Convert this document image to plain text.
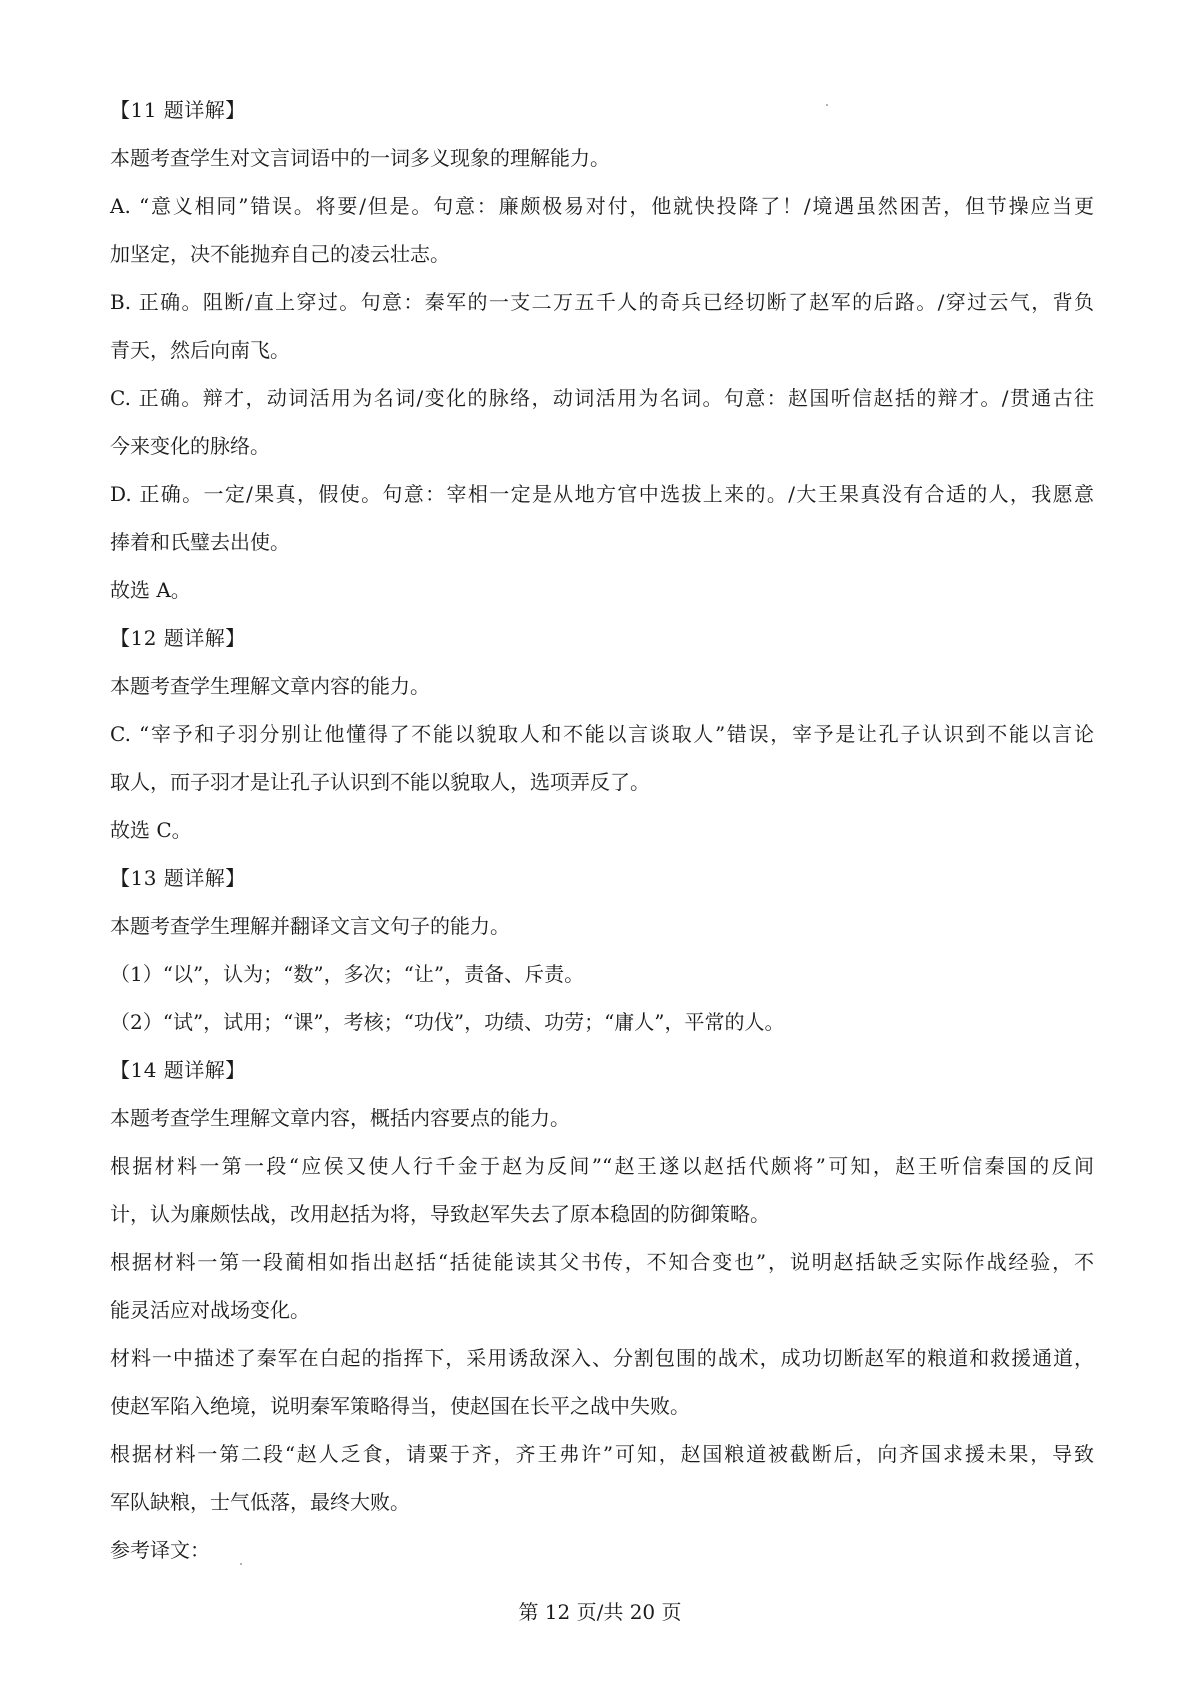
【11 题详解】
本题考查学生对文言词语中的一词多义现象的理解能力。
A. “意义相同”错误。将要/但是。句意：廉颇极易对付，他就快投降了！/境遇虽然困苦，但节操应当更
加坚定，决不能抛弃自己的凌云壮志。
B. 正确。阻断/直上穿过。句意：秦军的一支二万五千人的奇兵已经切断了赵军的后路。/穿过云气，背负
青天，然后向南飞。
C. 正确。辩才，动词活用为名词/变化的脉络，动词活用为名词。句意：赵国听信赵括的辩才。/贯通古往
今来变化的脉络。
D. 正确。一定/果真，假使。句意：宰相一定是从地方官中选拔上来的。/大王果真没有合适的人，我愿意
捧着和氏璧去出使。
故选 A。
【12 题详解】
本题考查学生理解文章内容的能力。
C. “宰予和子羽分别让他懂得了不能以貌取人和不能以言谈取人”错误，宰予是让孔子认识到不能以言论
取人，而子羽才是让孔子认识到不能以貌取人，选项弄反了。
故选 C。
【13 题详解】
本题考查学生理解并翻译文言文句子的能力。
（1）“以”，认为；“数”，多次；“让”，责备、斥责。
（2）“试”，试用；“课”，考核；“功伐”，功绩、功劳；“庸人”，平常的人。
【14 题详解】
本题考查学生理解文章内容，概括内容要点的能力。
根据材料一第一段“应侯又使人行千金于赵为反间”“赵王遂以赵括代颇将”可知，赵王听信秦国的反间
计，认为廉颇怯战，改用赵括为将，导致赵军失去了原本稳固的防御策略。
根据材料一第一段蔺相如指出赵括“括徒能读其父书传，不知合变也”，说明赵括缺乏实际作战经验，不
能灵活应对战场变化。
材料一中描述了秦军在白起的指挥下，采用诱敌深入、分割包围的战术，成功切断赵军的粮道和救援通道，
使赵军陷入绝境，说明秦军策略得当，使赵国在长平之战中失败。
根据材料一第二段“赵人乏食，请粟于齐，齐王弗许”可知，赵国粮道被截断后，向齐国求援未果，导致
军队缺粮，士气低落，最终大败。
参考译文：
第 12 页/共 20 页
